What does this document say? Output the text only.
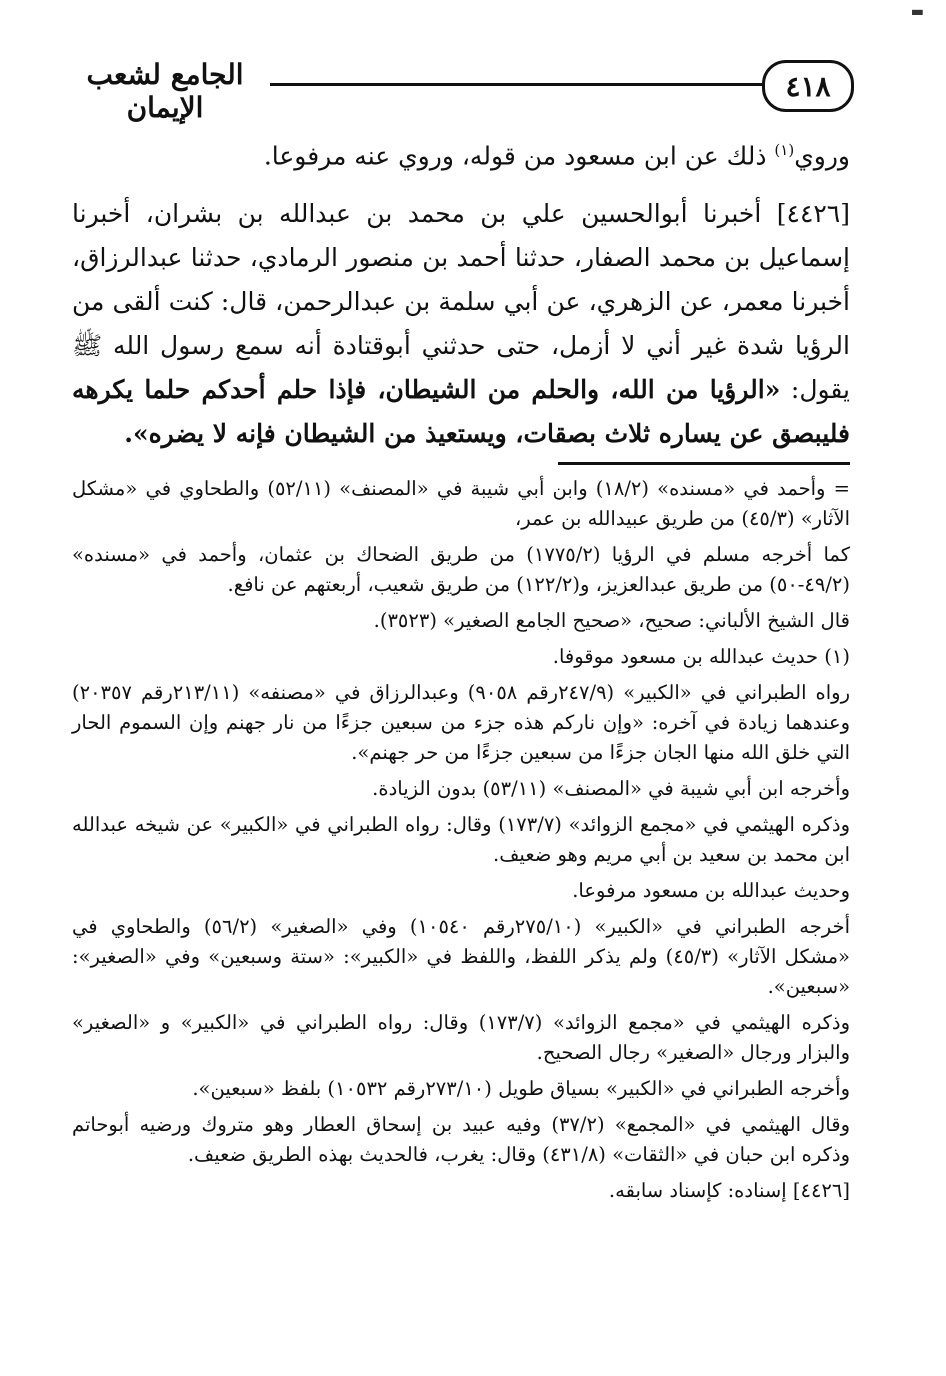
▬
٤١٨
الجامع لشعب الإيمان

وروي$^{(١)}$ ذلك عن ابن مسعود من قوله، وروي عنه مرفوعا.

[٤٤٢٦] أخبرنا أبوالحسين علي بن محمد بن عبدالله بن بشران، أخبرنا إسماعيل بن محمد الصفار، حدثنا أحمد بن منصور الرمادي، حدثنا عبدالرزاق، أخبرنا معمر، عن الزهري، عن أبي سلمة بن عبدالرحمن، قال: كنت ألقى من الرؤيا شدة غير أني لا أزمل، حتى حدثني أبوقتادة أنه سمع رسول الله ﷺ يقول: «الرؤيا من الله، والحلم من الشيطان، فإذا حلم أحدكم حلما يكرهه فليبصق عن يساره ثلاث بصقات، ويستعيذ من الشيطان فإنه لا يضره».

= وأحمد في «مسنده» (١٨/٢) وابن أبي شيبة في «المصنف» (٥٢/١١) والطحاوي في «مشكل الآثار» (٤٥/٣) من طريق عبيدالله بن عمر،

كما أخرجه مسلم في الرؤيا (١٧٧٥/٢) من طريق الضحاك بن عثمان، وأحمد في «مسنده» (٤٩/٢-٥٠) من طريق عبدالعزيز، و(١٢٢/٢) من طريق شعيب، أربعتهم عن نافع.

قال الشيخ الألباني: صحيح، «صحيح الجامع الصغير» (٣٥٢٣).

(١) حديث عبدالله بن مسعود موقوفا.

رواه الطبراني في «الكبير» (٢٤٧/٩رقم ٩٠٥٨) وعبدالرزاق في «مصنفه» (٢١٣/١١رقم ٢٠٣٥٧) وعندهما زيادة في آخره: «وإن ناركم هذه جزء من سبعين جزءًا من نار جهنم وإن السموم الحار التي خلق الله منها الجان جزءًا من سبعين جزءًا من حر جهنم».

وأخرجه ابن أبي شيبة في «المصنف» (٥٣/١١) بدون الزيادة.

وذكره الهيثمي في «مجمع الزوائد» (١٧٣/٧) وقال: رواه الطبراني في «الكبير» عن شيخه عبدالله ابن محمد بن سعيد بن أبي مريم وهو ضعيف.

وحديث عبدالله بن مسعود مرفوعا.

أخرجه الطبراني في «الكبير» (٢٧٥/١٠رقم ١٠٥٤٠) وفي «الصغير» (٥٦/٢) والطحاوي في «مشكل الآثار» (٤٥/٣) ولم يذكر اللفظ، واللفظ في «الكبير»: «ستة وسبعين» وفي «الصغير»: «سبعين».

وذكره الهيثمي في «مجمع الزوائد» (١٧٣/٧) وقال: رواه الطبراني في «الكبير» و «الصغير» والبزار ورجال «الصغير» رجال الصحيح.

وأخرجه الطبراني في «الكبير» بسياق طويل (٢٧٣/١٠رقم ١٠٥٣٢) بلفظ «سبعين».

وقال الهيثمي في «المجمع» (٣٧/٢) وفيه عبيد بن إسحاق العطار وهو متروك ورضيه أبوحاتم وذكره ابن حبان في «الثقات» (٤٣١/٨) وقال: يغرب، فالحديث بهذه الطريق ضعيف.

[٤٤٢٦] إسناده: كإسناد سابقه.
